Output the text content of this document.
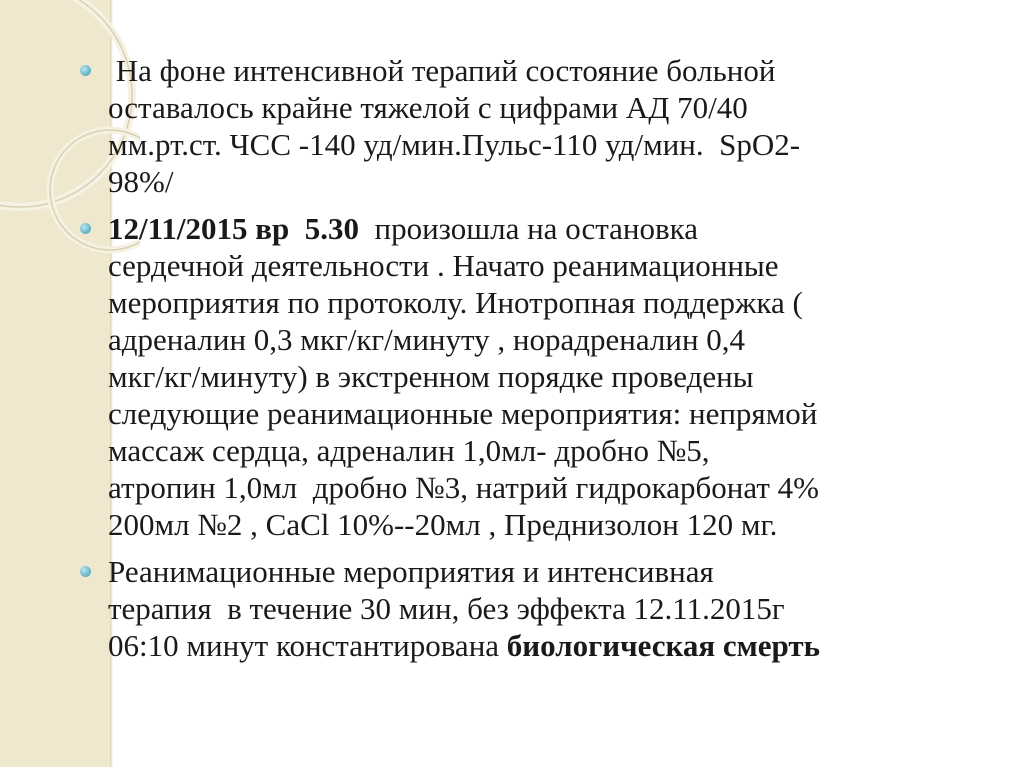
На фоне интенсивной терапий состояние больной
оставалось крайне тяжелой с цифрами АД 70/40
мм.рт.ст. ЧСС -140 уд/мин.Пульс-110 уд/мин.  SpO2-
98%/
12/11/2015 вр  5.30  произошла на остановка
сердечной деятельности . Начато реанимационные
мероприятия по протоколу. Инотропная поддержка (
адреналин 0,3 мкг/кг/минуту , норадреналин 0,4
мкг/кг/минуту) в экстренном порядке проведены
следующие реанимационные мероприятия: непрямой
массаж сердца, адреналин 1,0мл- дробно №5,
атропин 1,0мл  дробно №3, натрий гидрокарбонат 4%
200мл №2 , CaCl 10%--20мл , Преднизолон 120 мг.
Реанимационные мероприятия и интенсивная
терапия  в течение 30 мин, без эффекта 12.11.2015г
06:10 минут константирована биологическая смерть
